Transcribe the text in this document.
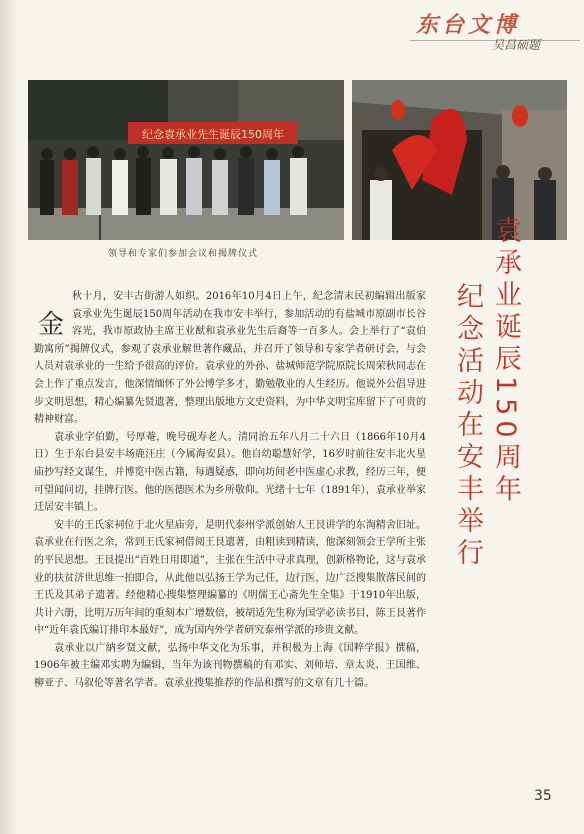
东台文博
吴昌硕题
纪念袁承业先生诞辰150周年
领导和专家们参加会议和揭牌仪式	袁承业诞辰150周年
纪念活动在安丰举行

金
秋十月，安丰古街游人如织。2016年10月4日上午，纪念清末民初编辑出版家袁承业先生诞辰150周年活动在我市安丰举行，参加活动的有盐城市原副市长谷容光，我市原政协主席王业猷和袁承业先生后裔等一百多人。会上举行了“袁伯勤寓所”揭牌仪式，参观了袁承业解世著作藏品，并召开了领导和专家学者研讨会，与会人员对袁承业的一生给予很高的评价。袁承业的外孙、盐城师范学院原院长周荣秋同志在会上作了重点发言，他深情缅怀了外公博学多才，勤勉敬业的人生经历。他说外公倡导进步文明思想，精心编纂先贤遗著，整理出版地方文史资料，为中华文明宝库留下了可贵的精神财富。

袁承业字伯勤，号厚菴，晚号砚寿老人。清同治五年八月二十六日（1866年10月4日）生于东台县安丰场鹿汪庄（今属海安县）。他自幼聪慧好学，16岁时前往安丰北火星庙抄写经文谋生，并博览中医古籍，每遇疑惑，即向坊间老中医虚心求教，经历三年，便可望闻问切，挂牌行医。他的医德医术为乡所敬仰。光绪十七年（1891年），袁承业举家迁居安丰镇上。

安丰的王氏家祠位于北火星庙旁，是明代泰州学派创始人王艮讲学的东淘精舍旧址。袁承业在行医之余，常到王氏家祠借阅王艮遗著，由粗读到精读，他深刻领会王学所主张的平民思想。王艮提出“百姓日用即道”，主张在生活中寻求真理，创新格物论，这与袁承业的扶贫济世思维一拍即合，从此他以弘扬王学为己任，边行医，边广泛搜集散落民间的王氏及其弟子遗著。经他精心搜集整理编纂的《明儒王心斋先生全集》于1910年出版，共计六册，比明万历年间的重刻本广增数倍，被胡适先生称为国学必读书目，陈王艮著作中“近年袁氏编订排印本最好”，成为国内外学者研究泰州学派的珍贵文献。

袁承业以广納乡贤文献，弘扬中华文化为乐事，并积极为上海《国粹学报》撰稿，1906年被主编邓实聘为编辑，当年为该刊物撰稿的有邓实、刘师培、章太炎、王国维、柳亚子、马叙伦等著名学者。袁承业搜集推荐的作品和撰写的文章有几十篇。

35
